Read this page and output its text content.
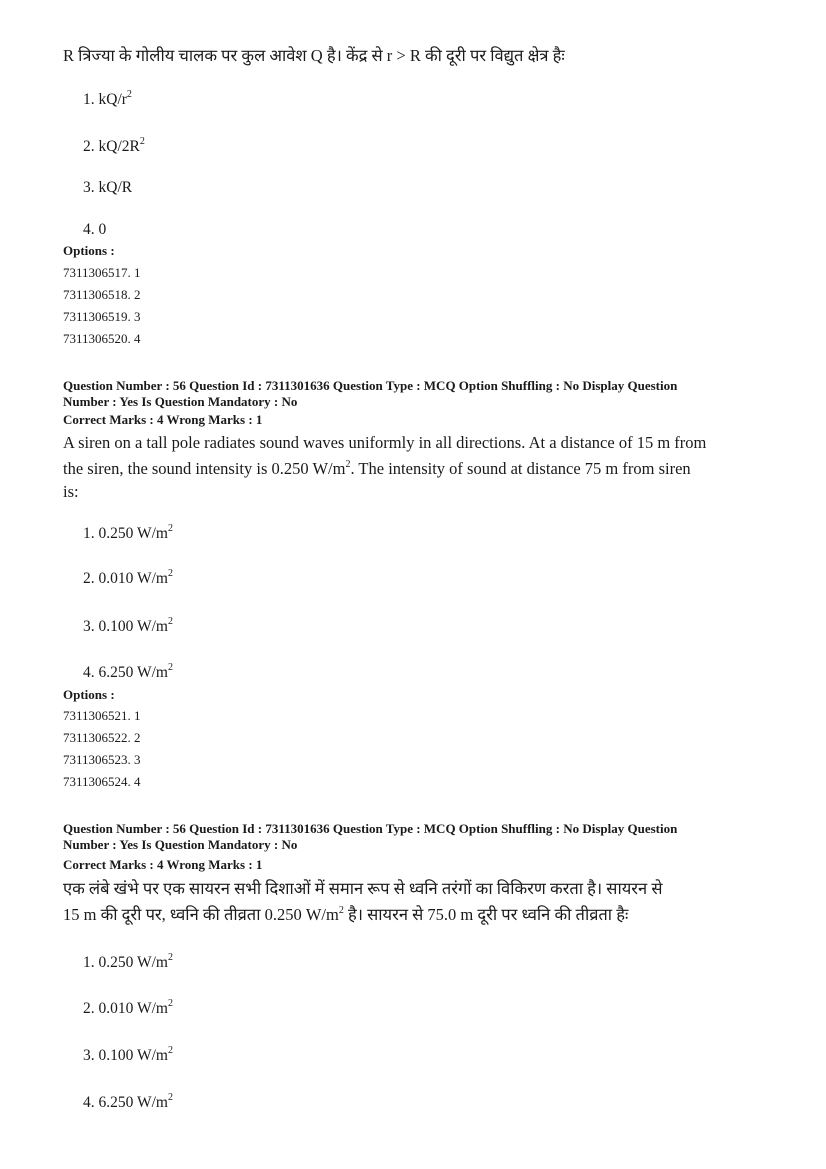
R त्रिज्या के गोलीय चालक पर कुल आवेश Q है। केंद्र से r > R की दूरी पर विद्युत क्षेत्र हैः
1. $kQ/r^2$
2. $kQ/2R^2$
3. kQ/R
4. 0
Options :
7311306517. 1
7311306518. 2
7311306519. 3
7311306520. 4
Question Number : 56 Question Id : 7311301636 Question Type : MCQ Option Shuffling : No Display Question
Number : Yes Is Question Mandatory : No
Correct Marks : 4 Wrong Marks : 1
A siren on a tall pole radiates sound waves uniformly in all directions. At a distance of 15 m from
the siren, the sound intensity is 0.250 $W/m^2$. The intensity of sound at distance 75 m from siren
is:
1. 0.250 $W/m^2$
2. 0.010 $W/m^2$
3. 0.100 $W/m^2$
4. 6.250 $W/m^2$
Options :
7311306521. 1
7311306522. 2
7311306523. 3
7311306524. 4
Question Number : 56 Question Id : 7311301636 Question Type : MCQ Option Shuffling : No Display Question
Number : Yes Is Question Mandatory : No
Correct Marks : 4 Wrong Marks : 1
एक लंबे खंभे पर एक सायरन सभी दिशाओं में समान रूप से ध्वनि तरंगों का विकिरण करता है। सायरन से
15 m की दूरी पर, ध्वनि की तीव्रता 0.250 $W/m^2$ है। सायरन से 75.0 m दूरी पर ध्वनि की तीव्रता हैः
1. 0.250 $W/m^2$
2. 0.010 $W/m^2$
3. 0.100 $W/m^2$
4. 6.250 $W/m^2$
